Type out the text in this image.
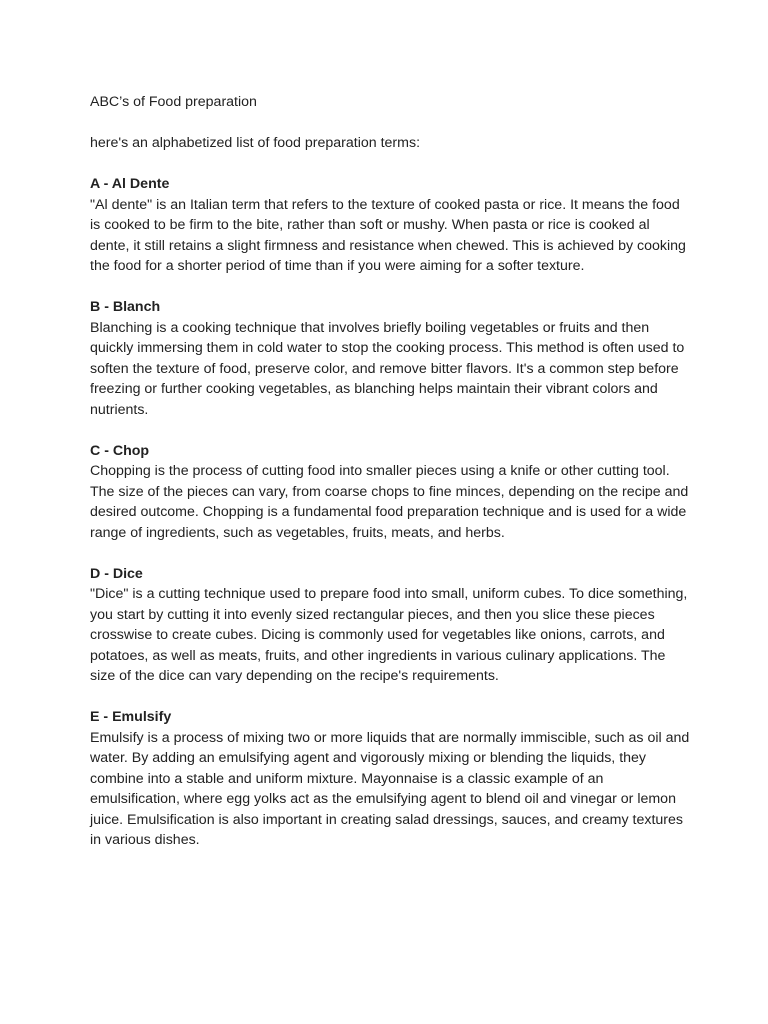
ABC’s of Food preparation

here's an alphabetized list of food preparation terms:

A - Al Dente

"Al dente" is an Italian term that refers to the texture of cooked pasta or rice. It means the food is cooked to be firm to the bite, rather than soft or mushy. When pasta or rice is cooked al dente, it still retains a slight firmness and resistance when chewed. This is achieved by cooking the food for a shorter period of time than if you were aiming for a softer texture.

B - Blanch

Blanching is a cooking technique that involves briefly boiling vegetables or fruits and then quickly immersing them in cold water to stop the cooking process. This method is often used to soften the texture of food, preserve color, and remove bitter flavors. It's a common step before freezing or further cooking vegetables, as blanching helps maintain their vibrant colors and nutrients.

C - Chop

Chopping is the process of cutting food into smaller pieces using a knife or other cutting tool. The size of the pieces can vary, from coarse chops to fine minces, depending on the recipe and desired outcome. Chopping is a fundamental food preparation technique and is used for a wide range of ingredients, such as vegetables, fruits, meats, and herbs.

D - Dice

"Dice" is a cutting technique used to prepare food into small, uniform cubes. To dice something, you start by cutting it into evenly sized rectangular pieces, and then you slice these pieces crosswise to create cubes. Dicing is commonly used for vegetables like onions, carrots, and potatoes, as well as meats, fruits, and other ingredients in various culinary applications. The size of the dice can vary depending on the recipe's requirements.

E - Emulsify

Emulsify is a process of mixing two or more liquids that are normally immiscible, such as oil and water. By adding an emulsifying agent and vigorously mixing or blending the liquids, they combine into a stable and uniform mixture. Mayonnaise is a classic example of an emulsification, where egg yolks act as the emulsifying agent to blend oil and vinegar or lemon juice. Emulsification is also important in creating salad dressings, sauces, and creamy textures in various dishes.
